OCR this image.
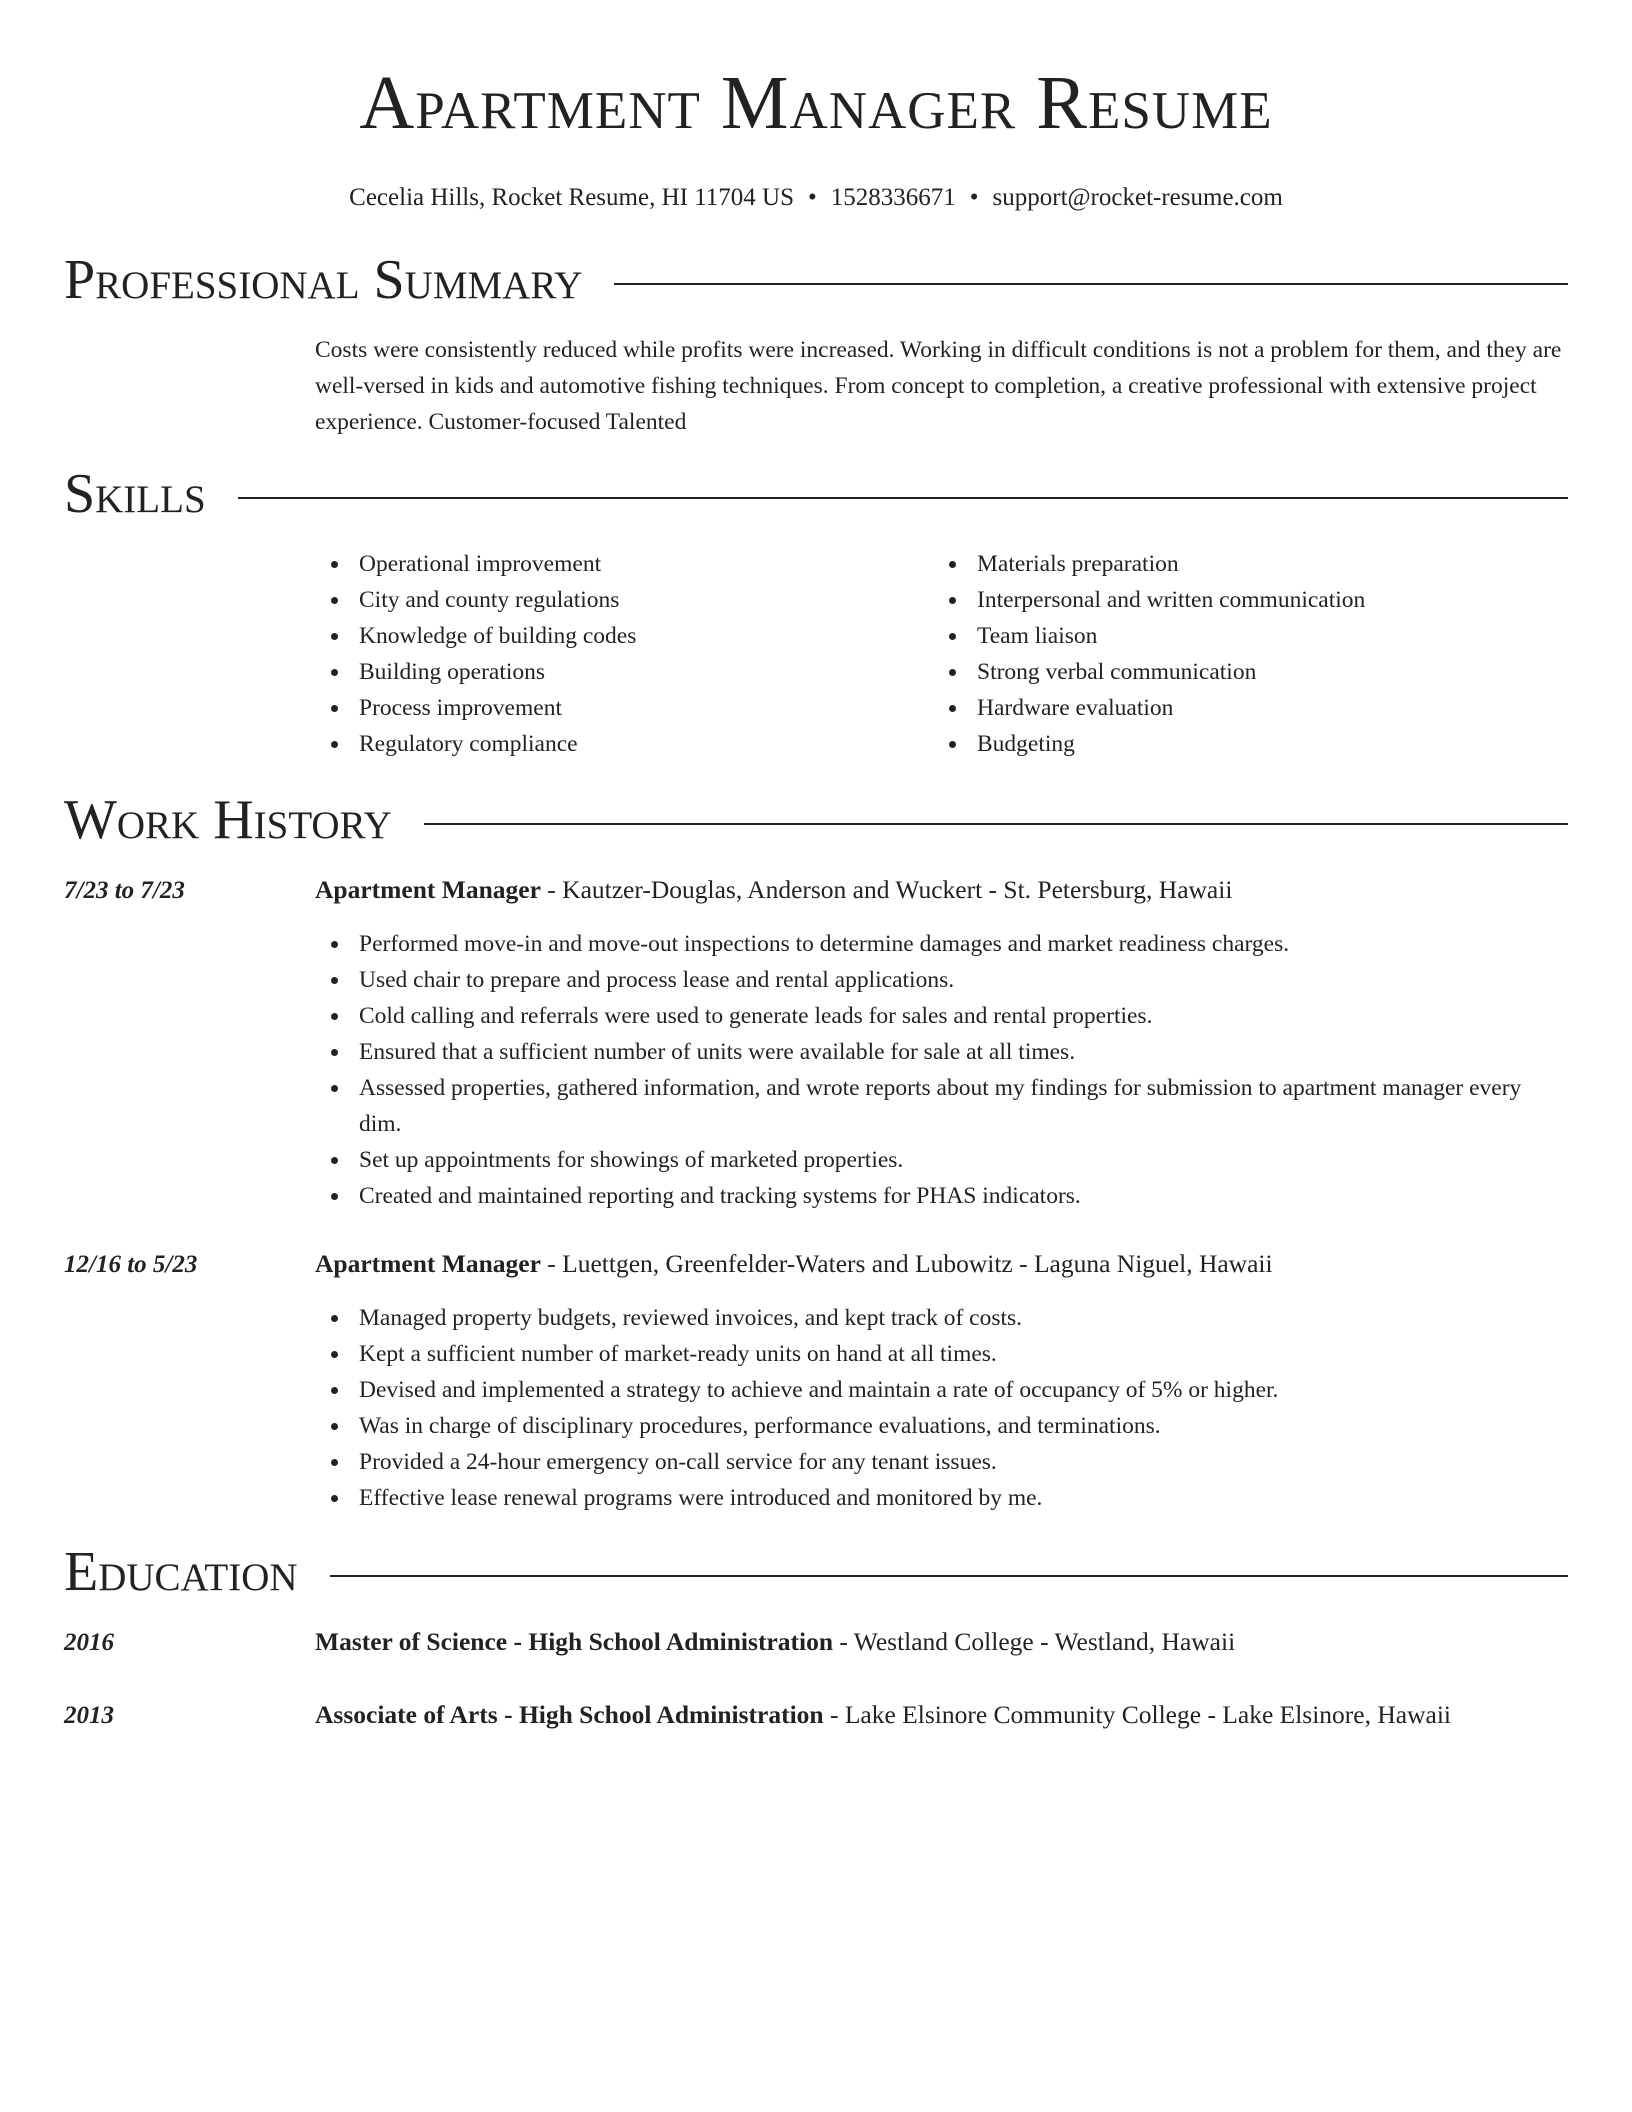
Apartment Manager Resume
Cecelia Hills, Rocket Resume, HI 11704 US • 1528336671 • support@rocket-resume.com
Professional Summary

Costs were consistently reduced while profits were increased. Working in difficult conditions is not a problem for them, and they are well-versed in kids and automotive fishing techniques. From concept to completion, a creative professional with extensive project experience. Customer-focused Talented

Skills
Operational improvement
City and county regulations
Knowledge of building codes
Building operations
Process improvement
Regulatory compliance
Materials preparation
Interpersonal and written communication
Team liaison
Strong verbal communication
Hardware evaluation
Budgeting
Work History
7/23 to 7/23	Apartment Manager - Kautzer-Douglas, Anderson and Wuckert - St. Petersburg, Hawaii
Performed move-in and move-out inspections to determine damages and market readiness charges.
Used chair to prepare and process lease and rental applications.
Cold calling and referrals were used to generate leads for sales and rental properties.
Ensured that a sufficient number of units were available for sale at all times.
Assessed properties, gathered information, and wrote reports about my findings for submission to apartment manager every dim.
Set up appointments for showings of marketed properties.
Created and maintained reporting and tracking systems for PHAS indicators.
12/16 to 5/23	Apartment Manager - Luettgen, Greenfelder-Waters and Lubowitz - Laguna Niguel, Hawaii
Managed property budgets, reviewed invoices, and kept track of costs.
Kept a sufficient number of market-ready units on hand at all times.
Devised and implemented a strategy to achieve and maintain a rate of occupancy of 5% or higher.
Was in charge of disciplinary procedures, performance evaluations, and terminations.
Provided a 24-hour emergency on-call service for any tenant issues.
Effective lease renewal programs were introduced and monitored by me.
Education
2016	Master of Science - High School Administration - Westland College - Westland, Hawaii
2013	Associate of Arts - High School Administration - Lake Elsinore Community College - Lake Elsinore, Hawaii
